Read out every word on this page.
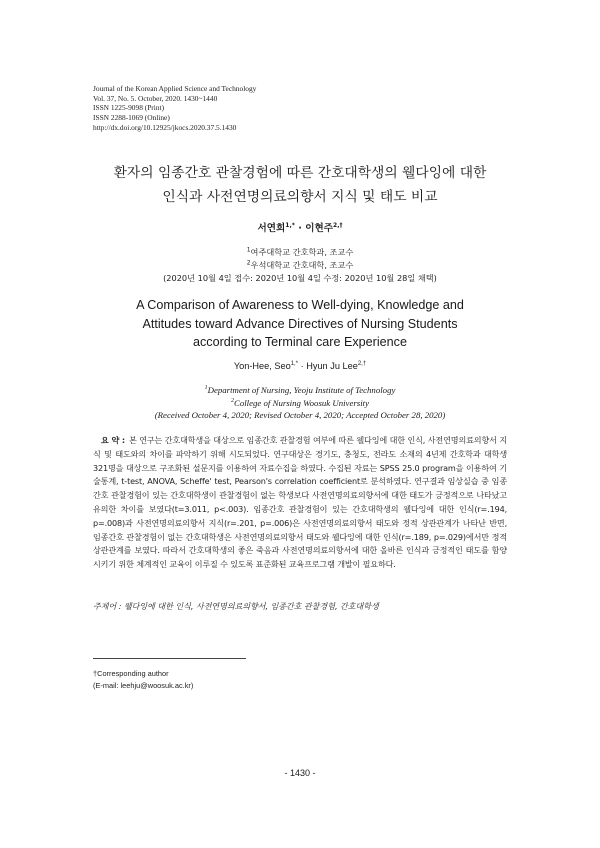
Journal of the Korean Applied Science and Technology
Vol. 37, No. 5. October, 2020. 1430~1440
ISSN 1225-9098 (Print)
ISSN 2288-1069 (Online)
http://dx.doi.org/10.12925/jkocs.2020.37.5.1430
환자의 임종간호 관찰경험에 따른 간호대학생의 웰다잉에 대한
인식과 사전연명의료의향서 지식 및 태도 비교
서연희$^{1,*}$ · 이현주$^{2,\dagger}$
$^1$여주대학교 간호학과, 조교수
$^2$우석대학교 간호대학, 조교수
(2020년 10월 4일 접수: 2020년 10월 4일 수정: 2020년 10월 28일 채택)
A Comparison of Awareness to Well-dying, Knowledge and
Attitudes toward Advance Directives of Nursing Students
according to Terminal care Experience
Yon-Hee, Seo$^{1,*}$ · Hyun Ju Lee$^{2,\dagger}$
$^1$Department of Nursing, Yeoju Institute of Technology
$^2$College of Nursing Woosuk University
(Received October 4, 2020; Revised October 4, 2020; Accepted October 28, 2020)
요 약 : 본 연구는 간호대학생을 대상으로 임종간호 관찰경험 여부에 따른 웰다잉에 대한 인식, 사전연명의료의향서 지식 및 태도와의 차이를 파악하기 위해 시도되었다. 연구대상은 경기도, 충청도, 전라도 소재의 4년제 간호학과 대학생 321명을 대상으로 구조화된 설문지를 이용하여 자료수집을 하였다. 수집된 자료는 SPSS 25.0 program을 이용하여 기술통계, t-test, ANOVA, Scheffe' test, Pearson's correlation coefficient로 분석하였다. 연구결과 임상실습 중 임종간호 관찰경험이 있는 간호대학생이 관찰경험이 없는 학생보다 사전연명의료의향서에 대한 태도가 긍정적으로 나타났고 유의한 차이를 보였다(t=3.011, p<.003). 임종간호 관찰경험이 있는 간호대학생의 웰다잉에 대한 인식(r=.194, p=.008)과 사전연명의료의향서 지식(r=.201, p=.006)은 사전연명의료의향서 태도와 정적 상관관계가 나타난 반면, 임종간호 관찰경험이 없는 간호대학생은 사전연명의료의향서 태도와 웰다잉에 대한 인식(r=.189, p=.029)에서만 정적 상관관계를 보였다. 따라서 간호대학생의 좋은 죽음과 사전연명의료의향서에 대한 올바른 인식과 긍정적인 태도를 함양시키기 위한 체계적인 교육이 이루질 수 있도록 표준화된 교육프로그램 개발이 필요하다.
주제어 : 웰다잉에 대한 인식, 사전연명의료의향서, 임종간호 관찰경험, 간호대학생
†Corresponding author
(E-mail: leehju@woosuk.ac.kr)
- 1430 -
